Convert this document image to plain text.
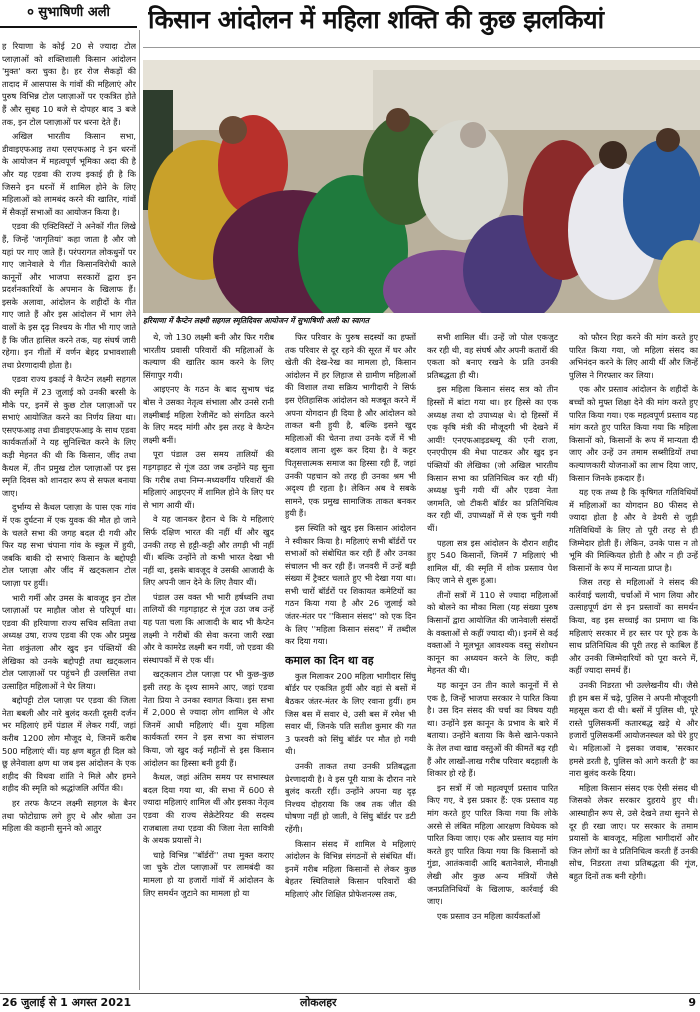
० सुभाषिणी अली	किसान आंदोलन में महिला शक्ति की कुछ झलकियां

ह रियाणा के कोई 20 से ज्यादा टोल प्लाज़ाओं को शक्तिशाली किसान आंदोलन 'मुक्त' करा चुका है। हर रोज सैकड़ों की तादाद में आसपास के गांवों की महिलाएं और पुरुष विभिन्न टोल प्लाज़ाओं पर एकत्रित होते हैं और सुबह 10 बजे से दोपहर बाद 3 बजे तक, इन टोल प्लाज़ाओं पर धरना देते हैं।

अखिल भारतीय किसान सभा, डीवाइएफआइ तथा एसएफआइ ने इन धरनों के आयोजन में महत्वपूर्ण भूमिका अदा की है और यह एडवा की राज्य इकाई ही है कि जिसने इन धरनों में शामिल होने के लिए महिलाओं को लामबंद करने की खातिर, गांवों में सैकड़ों सभाओं का आयोजन किया है।

एडवा की एक्टिविस्टों ने अनेकों गीत लिखे हैं, जिन्हें 'जागृतियां' कहा जाता है और जो यहां पर गाए जाते हैं। परंपरागत लोकधुनों पर गाए जानेवाले ये गीत किसानविरोधी काले कानूनों और भाजपा सरकारों द्वारा इन प्रदर्शनकारियों के अपमान के खिलाफ हैं। इसके अलावा, आंदोलन के शहीदों के गीत गाए जाते हैं और इस आंदोलन में भाग लेने वालों के इस दृढ़ निश्चय के गीत भी गाए जाते हैं कि जीत हासिल करने तक, यह संघर्ष जारी रहेगा। इन गीतों में वर्णन बेहद प्रभावशाली तथा प्रेरणादायी होता है।

एडवा राज्य इकाई ने कैप्टेन लक्ष्मी सहगल की स्मृति में 23 जुलाई को उनकी बरसी के मौके पर, इनमें से कुछ टोल प्लाज़ाओं पर सभाएं आयोजित करने का निर्णय लिया था। एसएफआइ तथा डीवाइएफआइ के साथ एडवा कार्यकर्ताओं ने यह सुनिश्चित करने के लिए कड़ी मेहनत की थी कि किसान, जींद तथा कैथल में, तीन प्रमुख टोल प्लाज़ाओं पर इस स्मृति दिवस को शानदार रूप से सफल बनाया जाए।

दुर्भाग्य से कैथल प्लाज़ा के पास एक गांव में एक दुर्घटना में एक युवक की मौत हो जाने के चलते सभा की जगह बदल दी गयी और फिर यह सभा चंपाना गांव के स्कूल में हुयी, जबकि बाकी दो सभाएं किसान के बद्दोपट्टी टोल प्लाज़ा और जींद में खट्कलान टोल प्लाज़ा पर हुयीं।

भारी गर्मी और उमस के बावजूद इन टोल प्लाज़ाओं पर माहौल जोश से परिपूर्ण था। एडवा की हरियाणा राज्य सचिव सविता तथा अध्यक्ष उषा, राज्य एडवा की एक और प्रमुख नेता शकुंतला और खुद इन पंक्तियों की लेखिका को उनके बद्दोपट्टी तथा खट्कलान टोल प्लाज़ाओं पर पहुंचने ही उल्लसित तथा उत्साहित महिलाओं ने घेर लिया।

बद्दोपट्टी टोल प्लाज़ा पर एडवा की जिला नेता बबली और नारे बुलंद करती दूसरी दर्जन भर महिलाएं हमें पंडाल में लेकर गयीं, जहां करीब 1200 लोग मौजूद थे, जिनमें करीब 500 महिलाएं थीं। यह क्षण बहुत ही दिल को छू लेनेवाला क्षण था जब इस आंदोलन के एक शहीद की विधवा शांति ने मिले और हमने शहीद की स्मृति को श्रद्धांजलि अर्पित की।

हर तरफ कैप्टन लक्ष्मी सहगल के बैनर तथा फोटोग्राफ लगे हुए थे और श्रोता उन महिला की कहानी सुनने को आतुर

हरियाणा में कैप्टेन लक्ष्मी सहगल स्मृतिदिवस आयोजन में सुभाषिणी अली का स्वागत

थे, जो 130 लक्ष्मी बनी और फिर गरीब भारतीय प्रवासी परिवारों की महिलाओं के कल्याण की खातिर काम करने के लिए सिंगापुर गयी।

आइएनए के गठन के बाद सुभाष चंद्र बोस ने उसका नेतृत्व संभाला और उनसे रानी लक्ष्मीबाई महिला रेजीमेंट को संगठित करने के लिए मदद मांगी और इस तरह वे कैप्टेन लक्ष्मी बनीं।

पूरा पंडाल उस समय तालियों की गड़गड़ाहट से गूंज उठा जब उन्होंने यह सुना कि गरीब तथा निम्न-मध्यवर्गीय परिवारों की महिलाएं आइएनए में शामिल होने के लिए घर से भाग आयी थीं।

वे यह जानकर हैरान थे कि ये महिलाएं सिर्फ दक्षिण भारत की नहीं थीं और खुद उनकी तरह से हट्टी-कट्टी और तगड़ी भी नहीं थीं। बल्कि उन्होंने तो कभी भारत देखा भी नहीं था, इसके बावजूद वे उसकी आजादी के लिए अपनी जान देने के लिए तैयार थीं।

पंडाल उस वक्त भी भारी हर्षध्वनि तथा तालियों की गड़गड़ाहट से गूंज उठा जब उन्हें यह पता चला कि आजादी के बाद भी कैप्टेन लक्ष्मी ने गरीबों की सेवा करना जारी रखा और वे कामरेड लक्ष्मी बन गयीं, जो एडवा की संस्थापकों में से एक थीं।

खट्कलान टोल प्लाज़ा पर भी कुछ-कुछ इसी तरह के दृश्य सामने आए, जहां एडवा नेता प्रिया ने उनका स्वागत किया। इस सभा में 2,000 से ज्यादा लोग शामिल थे और जिनमें आधी महिलाएं थीं। युवा महिला कार्यकर्ता रमन ने इस सभा का संचालन किया, जो खुद कई महीनों से इस किसान आंदोलन का हिस्सा बनी हुयी हैं।

कैथल, जहां अंतिम समय पर सभास्थल बदल दिया गया था, की सभा में 600 से ज्यादा महिलाएं शामिल थीं और इसका नेतृत्व एडवा की राज्य सेक्रेटेरियट की सदस्य राजबाला तथा एडवा की जिला नेता सावित्री के अथक प्रयासों ने।

चाहे विभिन्न ''बॉर्डरों'' तथा मुक्त कराए जा चुके टोल प्लाज़ाओं पर लामबंदी का मामला हो या हजारों गांवों में आंदोलन के लिए समर्थन जुटाने का मामला हो या

फिर परिवार के पुरुष सदस्यों का हफ्तों तक परिवार से दूर रहने की सूरत में घर और खेती की देख-रेख का मामला हो, किसान आंदोलन में हर लिहाज से ग्रामीण महिलाओं की विशाल तथा सक्रिय भागीदारी ने सिर्फ इस ऐतिहासिक आंदोलन को मजबूत करने में अपना योगदान ही दिया है और आंदोलन को ताकत बनी हुयी है, बल्कि इसने खुद महिलाओं की चेतना तथा उनके दर्जे में भी बदलाव लाना शुरू कर दिया है। वे कट्टर पितृसत्तात्मक समाज का हिस्सा रही हैं, जहां उनकी पहचान को तरह ही उनका श्रम भी अदृश्य ही रहता है। लेकिन अब वे सबके सामने, एक प्रमुख सामाजिक ताकत बनकर हुयी हैं।

इस स्थिति को खुद इस किसान आंदोलन ने स्वीकार किया है। महिलाएं सभी बॉर्डरों पर सभाओं को संबोधित कर रही हैं और उनका संचालन भी कर रही हैं। जनवरी में उन्हें बड़ी संख्या में ट्रैक्टर चलाते हुए भी देखा गया था। सभी चारों बॉर्डरों पर शिकायत कमेटियों का गठन किया गया है और 26 जुलाई को जंतर-मंतर पर ''किसान संसद'' को एक दिन के लिए ''महिला किसान संसद'' में तब्दील कर दिया गया।

कमाल का दिन था वह

कुल मिलाकर 200 महिला भागीदार सिंघु बॉर्डर पर एकत्रित हुयीं और वहां से बसों में बैठकर जंतर-मंतर के लिए रवाना हुयीं। हम जिस बस में सवार थे, उसी बस में रमेश भी सवार थीं, जिनके पति सतीश कुमार की गत 3 फरवरी को सिंघु बॉर्डर पर मौत हो गयी थी।

उनकी ताकत तथा उनकी प्रतिबद्धता प्रेरणादायी है। वे इस पूरी यात्रा के दौरान नारे बुलंद करती रहीं। उन्होंने अपना यह दृढ़ निश्चय दोहराया कि जब तक जीत की घोषणा नहीं हो जाती, वे सिंघु बॉर्डर पर डटी रहेंगी।

किसान संसद में शामिल ये महिलाएं आंदोलन के विभिन्न संगठनों से संबंधित थीं। इनमें गरीब महिला किसानों से लेकर कुछ बेहतर स्थितिवाले किसान परिवारों की महिलाएं और शिक्षित प्रोफेशनल्स तक,

सभी शामिल थीं। उन्हें जो पोल एकजुट कर रही थी, वह संघर्ष और अपनी कतारों की एकता को बनाए रखने के प्रति उनकी प्रतिबद्धता ही थी।

इस महिला किसान संसद सत्र को तीन हिस्सों में बांटा गया था। हर हिस्से का एक अध्यक्ष तथा दो उपाध्यक्ष थे। दो हिस्सों में एक कृषि मंत्री की मौजूदगी भी देखने में आयीं! एनएफआइडब्ल्यू की एनी राजा, एनएपीएम की मेधा पाटकर और खुद इन पंक्तियों की लेखिका (जो अखिल भारतीय किसान सभा का प्रतिनिधित्व कर रही थीं) अध्यक्ष चुनी गयी थीं और एडवा नेता जगमति, जो टीकरी बॉर्डर का प्रतिनिधित्व कर रही थीं, उपाध्यक्षों में से एक चुनी गयी थीं।

पहला सत्र इस आंदोलन के दौरान शहीद हुए 540 किसानों, जिनमें 7 महिलाएं भी शामिल थीं, की स्मृति में शोक प्रस्ताव पेश किए जाने से शुरू हुआ।

तीनों सत्रों में 110 से ज्यादा महिलाओं को बोलने का मौका मिला (यह संख्या पुरुष किसानों द्वारा आयोजित की जानेवाली संसदों के वक्ताओं से कहीं ज्यादा थी)। इनमें से कई वक्ताओं ने मूलभूत आवश्यक वस्तु संशोधन कानून का अध्ययन करने के लिए, कड़ी मेहनत की थी।

यह कानून उन तीन काले कानूनों में से एक है, जिन्हें भाजपा सरकार ने पारित किया है। उस दिन संसद की चर्चा का विषय यही था। उन्होंने इस कानून के प्रभाव के बारे में बताया। उन्होंने बताया कि कैसे खाने-पकाने के तेल तथा खाद्य वस्तुओं की कीमतें बढ़ रही हैं और लाखों-लाख गरीब परिवार बदहाली के शिकार हो रहे हैं।

इन सत्रों में जो महत्वपूर्ण प्रस्ताव पारित किए गए, वे इस प्रकार हैं: एक प्रस्ताव यह मांग करते हुए पारित किया गया कि लोके अरसे से लंबित महिला आरक्षण विधेयक को पारित किया जाए। एक और प्रस्ताव यह मांग करते हुए पारित किया गया कि किसानों को गुंडा, आतंकवादी आदि बतानेवाले, मीनाक्षी लेखी और कुछ अन्य मंत्रियों जैसे जनप्रतिनिधियों के खिलाफ, कार्रवाई की जाए।

एक प्रस्ताव उन महिला कार्यकर्ताओं

को फौरन रिहा करने की मांग करते हुए पारित किया गया, जो महिला संसद का अभिनंदन करने के लिए आयी थीं और जिन्हें पुलिस ने गिरफ्तार कर लिया।

एक और प्रस्ताव आंदोलन के शहीदों के बच्चों को मुफ्त शिक्षा देने की मांग करते हुए पारित किया गया। एक महत्वपूर्ण प्रस्ताव यह मांग करते हुए पारित किया गया कि महिला किसानों को, किसानों के रूप में मान्यता दी जाए और उन्हें उन तमाम सब्सीडियों तथा कल्याणकारी योजनाओं का लाभ दिया जाए, किसान जिनके हकदार हैं।

यह एक तथ्य है कि कृषिगत गतिविधियों में महिलाओं का योगदान 80 फीसद से ज्यादा होता है और वे डेयरी से जुड़ी गतिविधियों के लिए तो पूरी तरह से ही जिम्मेदार होती हैं। लेकिन, उनके पास न तो भूमि की मिल्कियत होती है और न ही उन्हें किसानों के रूप में मान्यता प्राप्त है।

जिस तरह से महिलाओं ने संसद की कार्रवाई चलायी, चर्चाओं में भाग लिया और उत्साहपूर्ण ढंग से इन प्रस्तावों का समर्थन किया, वह इस सच्चाई का प्रमाण था कि महिलाएं सरकार में हर स्तर पर पूरे हक के साथ प्रतिनिधित्व की पूरी तरह से काबिल हैं और उनकी जिम्मेदारियों को पूरा करने में, कहीं ज्यादा समर्थ हैं।

उनकी निडरता भी उल्लेखनीय थी। जैसे ही हम बस में चढ़े, पुलिस ने अपनी मौजूदगी महसूस करा दी थी। बसों में पुलिस थी, पूरे रास्ते पुलिसकर्मी कतारबद्ध खड़े थे और हजारों पुलिसकर्मी आयोजनस्थल को घेरे हुए थे। महिलाओं ने इसका जवाब, 'सरकार हमसे डरती है, पुलिस को आगे करती है' का नारा बुलंद करके दिया।

महिला किसान संसद एक ऐसी संसद थी जिसको लेकर सरकार दुहराये हुए थी। आस्थाहीन रूप से, उसे देखने तथा सुनने से दूर ही रखा जाए। पर सरकार के तमाम प्रयासों के बावजूद, महिला भागीदारों और जिन लोगों का वे प्रतिनिधित्व करती हैं उनकी सोच, निडरता तथा प्रतिबद्धता की गूंज, बहुत दिनों तक बनी रहेगी।

26 जुलाई से 1 अगस्त 2021	लोकलहर	9
